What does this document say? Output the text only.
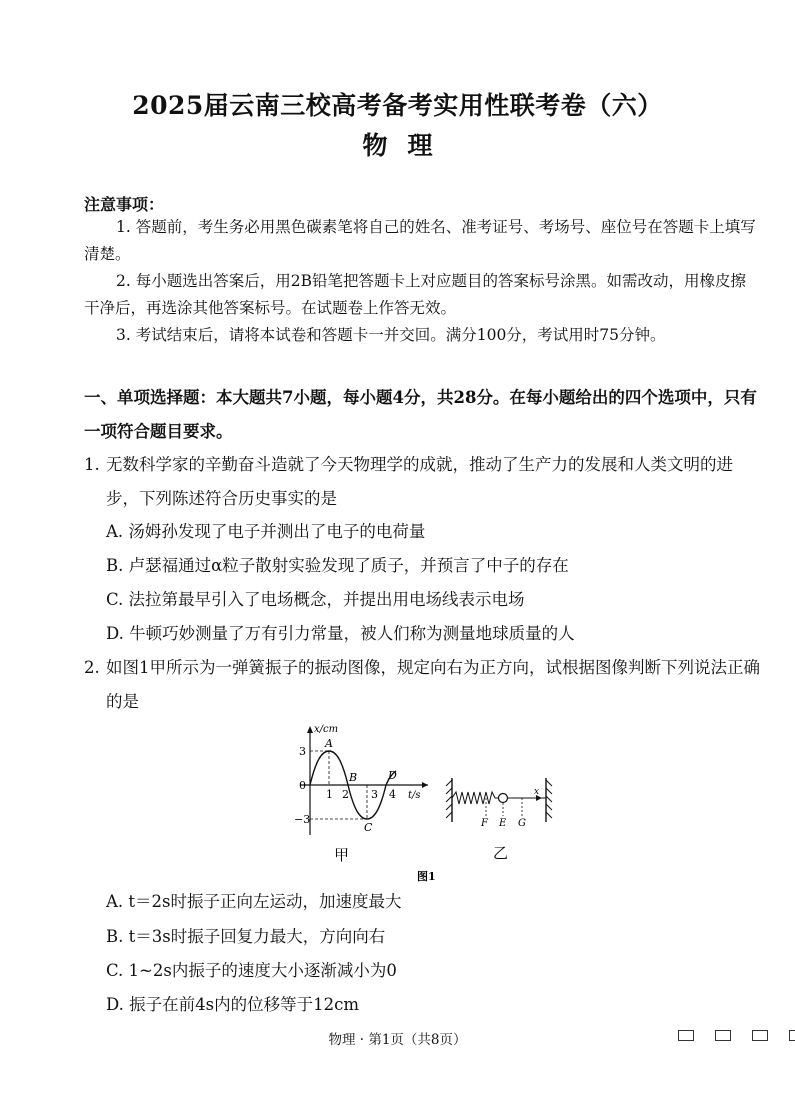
2025届云南三校高考备考实用性联考卷（六）
物理
注意事项：
1. 答题前，考生务必用黑色碳素笔将自己的姓名、准考证号、考场号、座位号在答题卡上填写清楚。
2. 每小题选出答案后，用2B铅笔把答题卡上对应题目的答案标号涂黑。如需改动，用橡皮擦干净后，再选涂其他答案标号。在试题卷上作答无效。
3. 考试结束后，请将本试卷和答题卡一并交回。满分100分，考试用时75分钟。
一、单项选择题：本大题共7小题，每小题4分，共28分。在每小题给出的四个选项中，只有一项符合题目要求。
1. 无数科学家的辛勤奋斗造就了今天物理学的成就，推动了生产力的发展和人类文明的进步，下列陈述符合历史事实的是
A. 汤姆孙发现了电子并测出了电子的电荷量
B. 卢瑟福通过α粒子散射实验发现了质子，并预言了中子的存在
C. 法拉第最早引入了电场概念，并提出用电场线表示电场
D. 牛顿巧妙测量了万有引力常量，被人们称为测量地球质量的人
2. 如图1甲所示为一弹簧振子的振动图像，规定向右为正方向，试根据图像判断下列说法正确的是
x/cm
t/s
3
−3
0
1 2 3 4
A
B
C
D
甲
F E G
x
乙
图1
A. t＝2s时振子正向左运动，加速度最大
B. t＝3s时振子回复力最大，方向向右
C. 1~2s内振子的速度大小逐渐减小为0
D. 振子在前4s内的位移等于12cm
物理 · 第1页（共8页）
